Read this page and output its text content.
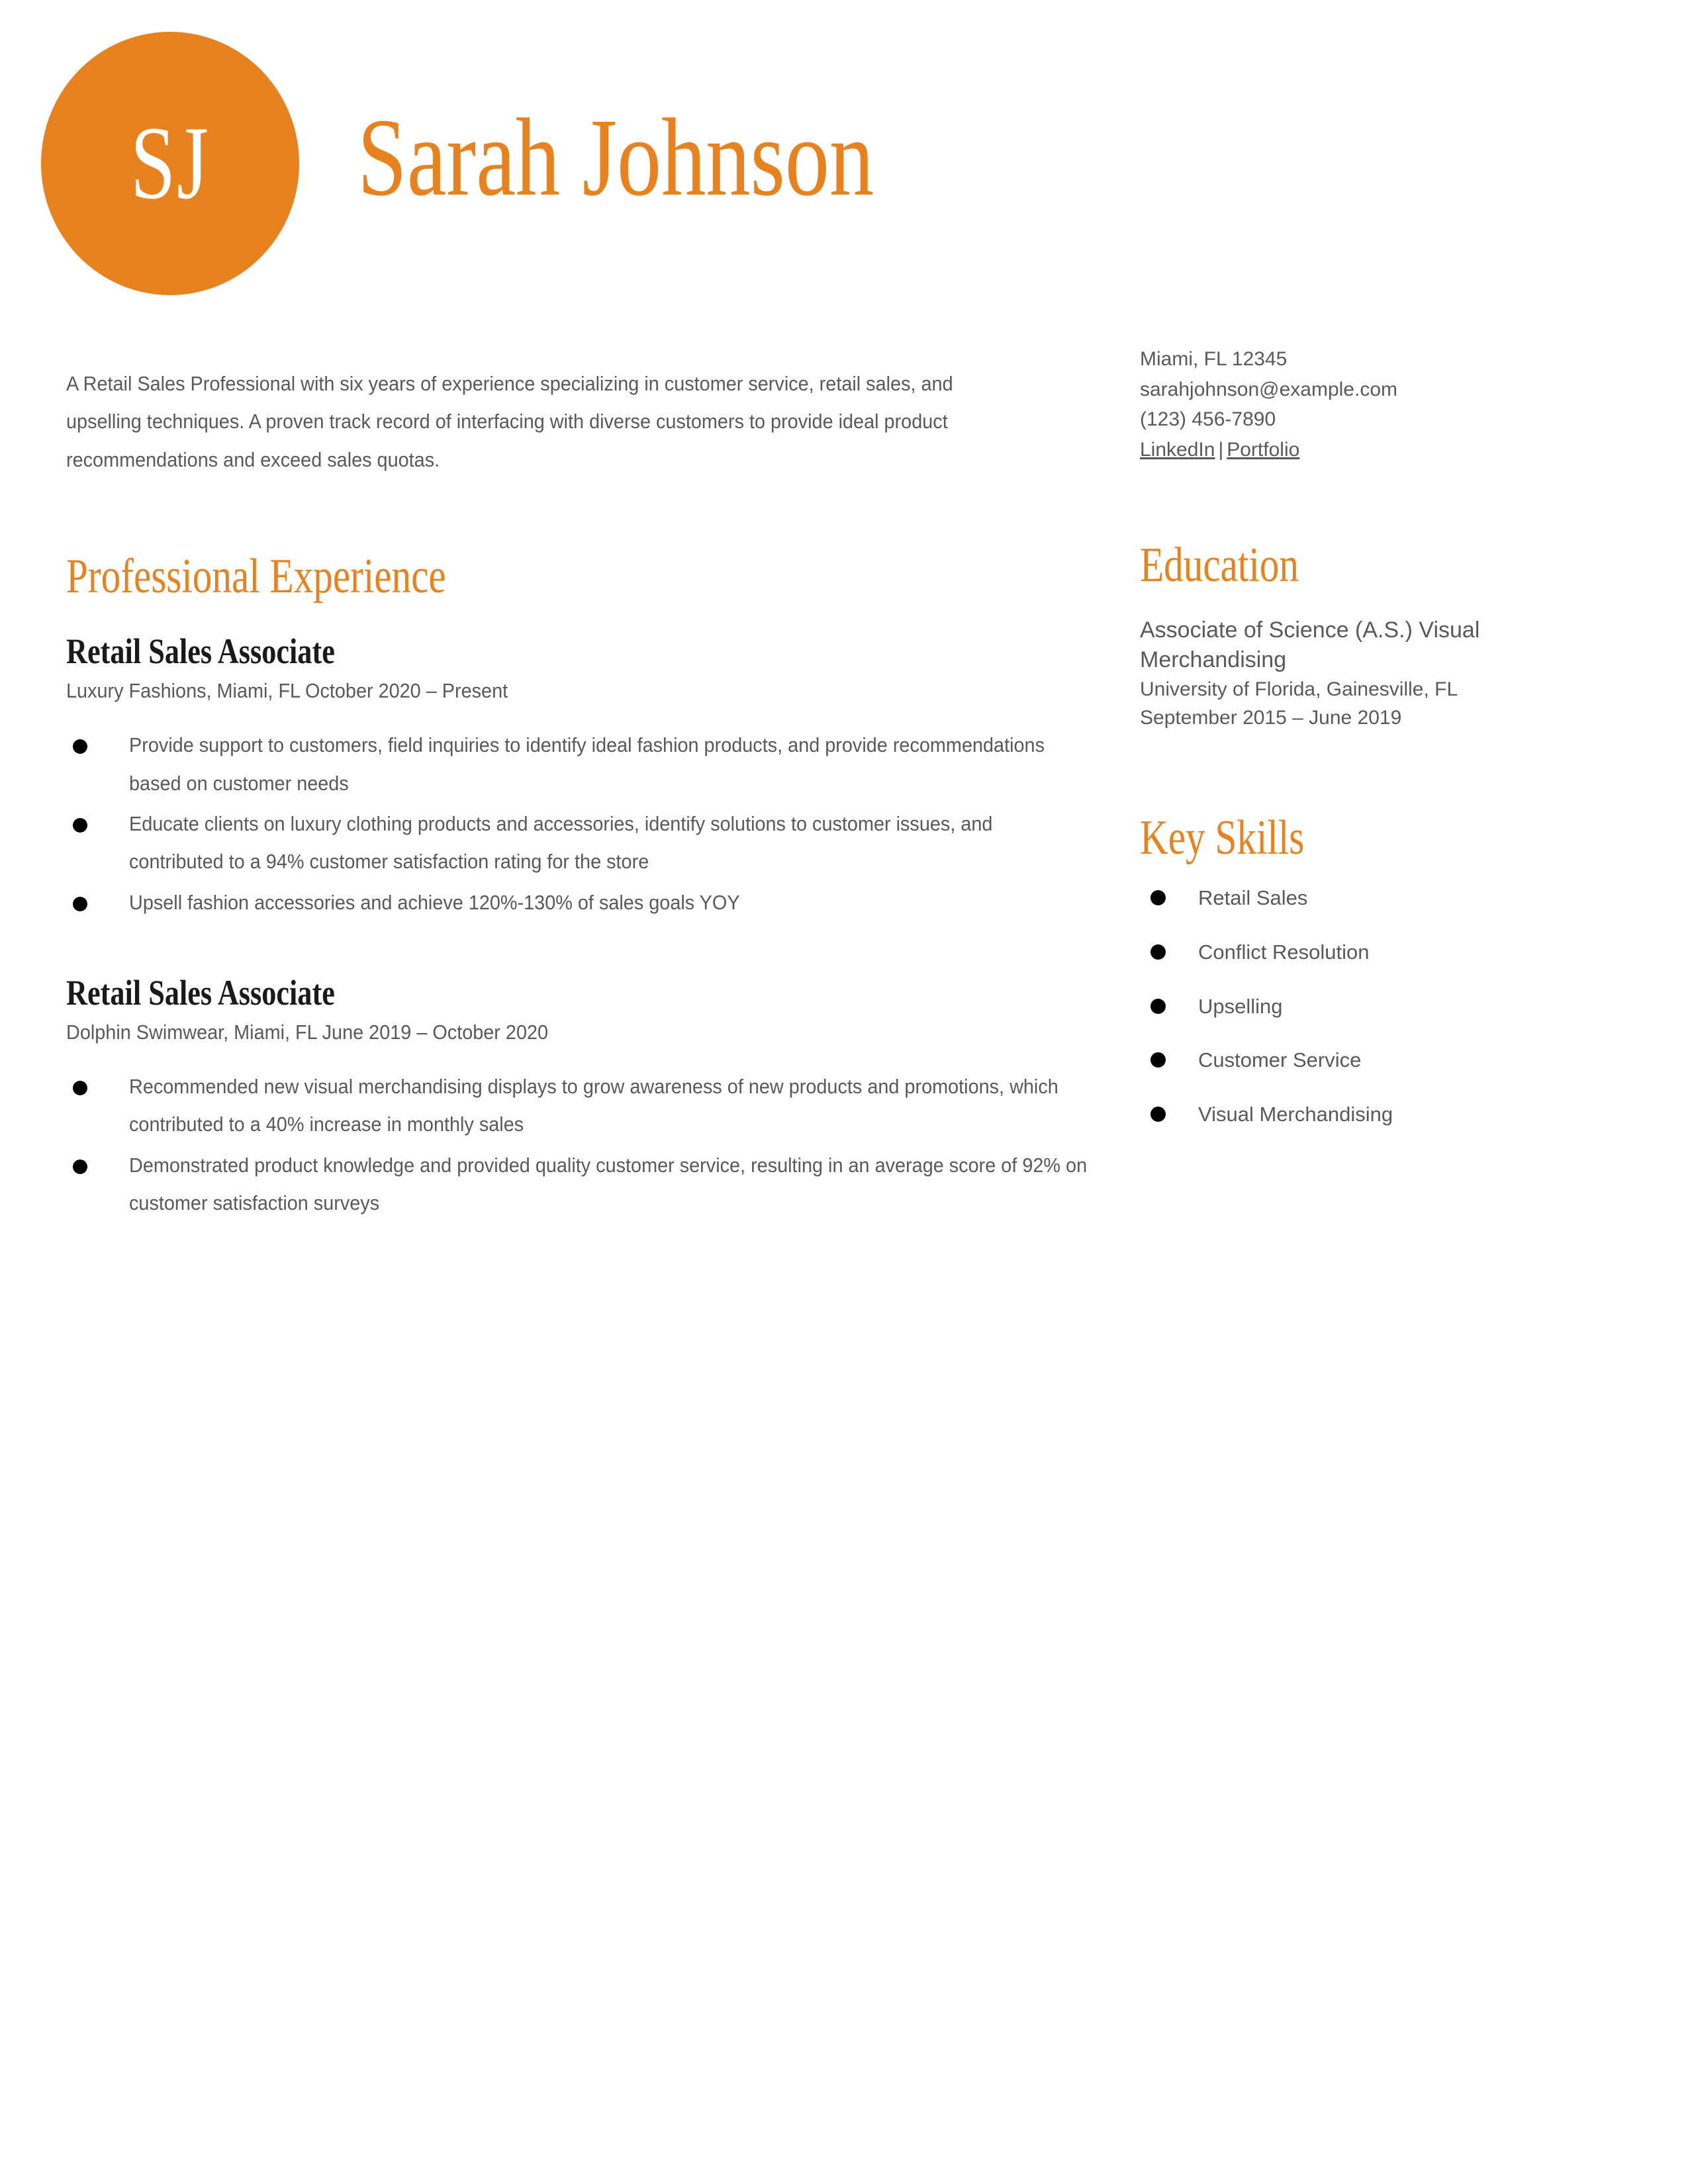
SJ Sarah Johnson

A Retail Sales Professional with six years of experience specializing in customer service, retail sales, and upselling techniques. A proven track record of interfacing with diverse customers to provide ideal product recommendations and exceed sales quotas.

Professional Experience
Retail Sales Associate
Luxury Fashions, Miami, FL October 2020 – Present
Provide support to customers, field inquiries to identify ideal fashion products, and provide recommendations based on customer needs
Educate clients on luxury clothing products and accessories, identify solutions to customer issues, and contributed to a 94% customer satisfaction rating for the store
Upsell fashion accessories and achieve 120%-130% of sales goals YOY
Retail Sales Associate
Dolphin Swimwear, Miami, FL June 2019 – October 2020
Recommended new visual merchandising displays to grow awareness of new products and promotions, which contributed to a 40% increase in monthly sales
Demonstrated product knowledge and provided quality customer service, resulting in an average score of 92% on customer satisfaction surveys
Miami, FL 12345
sarahjohnson@example.com
(123) 456-7890
LinkedIn | Portfolio
Education
Associate of Science (A.S.) Visual Merchandising
University of Florida, Gainesville, FL
September 2015 – June 2019
Key Skills
Retail Sales
Conflict Resolution
Upselling
Customer Service
Visual Merchandising
